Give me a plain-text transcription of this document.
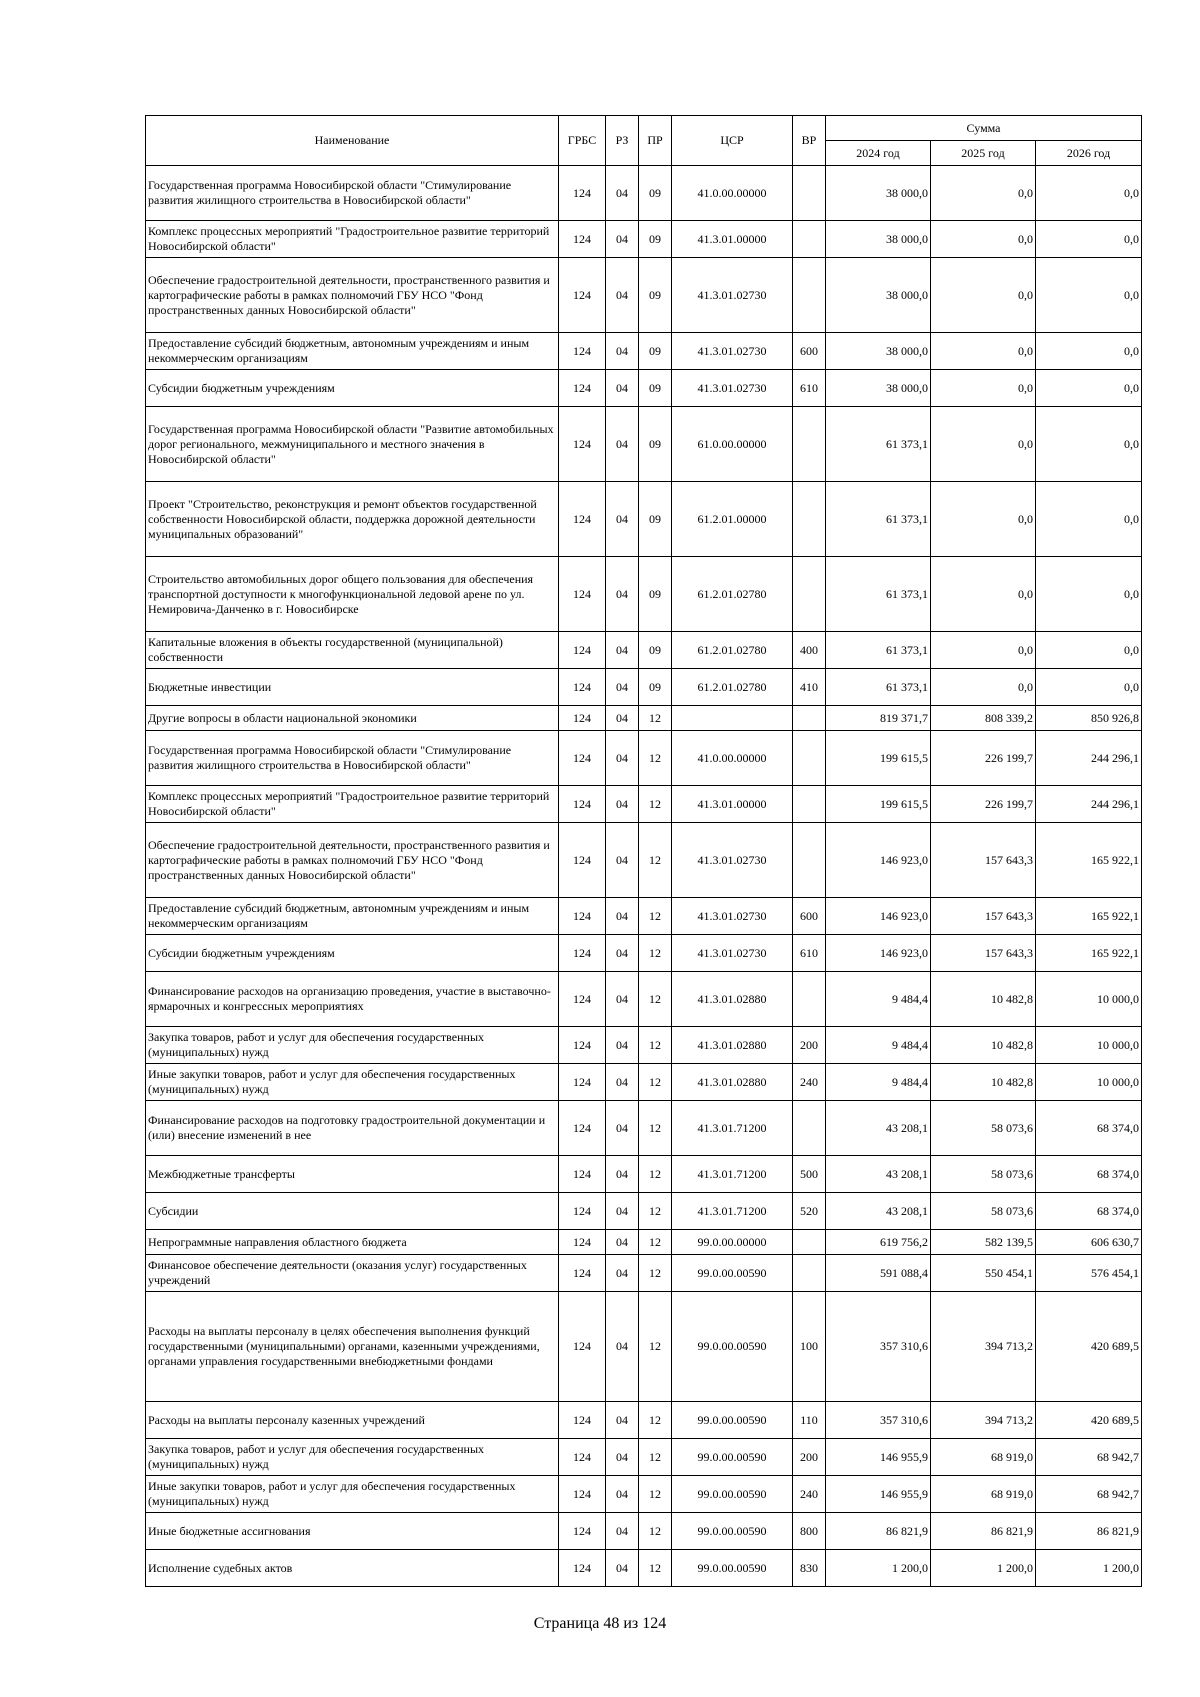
Наименование	ГРБС	РЗ	ПР	ЦСР	ВР	Сумма		
						2024 год	2025 год	2026 год
Государственная программа Новосибирской области "Стимулирование развития жилищного строительства в Новосибирской области"	124	04	09	41.0.00.00000		38 000,0	0,0	0,0
Комплекс процессных мероприятий "Градостроительное развитие территорий Новосибирской области"	124	04	09	41.3.01.00000		38 000,0	0,0	0,0
Обеспечение градостроительной деятельности, пространственного развития и картографические работы в рамках полномочий ГБУ НСО "Фонд пространственных данных Новосибирской области"	124	04	09	41.3.01.02730		38 000,0	0,0	0,0
Предоставление субсидий бюджетным, автономным учреждениям и иным некоммерческим организациям	124	04	09	41.3.01.02730	600	38 000,0	0,0	0,0
Субсидии бюджетным учреждениям	124	04	09	41.3.01.02730	610	38 000,0	0,0	0,0
Государственная программа Новосибирской области "Развитие автомобильных дорог регионального, межмуниципального и местного значения в Новосибирской области"	124	04	09	61.0.00.00000		61 373,1	0,0	0,0
Проект "Строительство, реконструкция и ремонт объектов государственной собственности Новосибирской области, поддержка дорожной деятельности муниципальных образований"	124	04	09	61.2.01.00000		61 373,1	0,0	0,0
Строительство автомобильных дорог общего пользования для обеспечения транспортной доступности к многофункциональной ледовой арене по ул. Немировича-Данченко в г. Новосибирске	124	04	09	61.2.01.02780		61 373,1	0,0	0,0
Капитальные вложения в объекты государственной (муниципальной) собственности	124	04	09	61.2.01.02780	400	61 373,1	0,0	0,0
Бюджетные инвестиции	124	04	09	61.2.01.02780	410	61 373,1	0,0	0,0
Другие вопросы в области национальной экономики	124	04	12			819 371,7	808 339,2	850 926,8
Государственная программа Новосибирской области "Стимулирование развития жилищного строительства в Новосибирской области"	124	04	12	41.0.00.00000		199 615,5	226 199,7	244 296,1
Комплекс процессных мероприятий "Градостроительное развитие территорий Новосибирской области"	124	04	12	41.3.01.00000		199 615,5	226 199,7	244 296,1
Обеспечение градостроительной деятельности, пространственного развития и картографические работы в рамках полномочий ГБУ НСО "Фонд пространственных данных Новосибирской области"	124	04	12	41.3.01.02730		146 923,0	157 643,3	165 922,1
Предоставление субсидий бюджетным, автономным учреждениям и иным некоммерческим организациям	124	04	12	41.3.01.02730	600	146 923,0	157 643,3	165 922,1
Субсидии бюджетным учреждениям	124	04	12	41.3.01.02730	610	146 923,0	157 643,3	165 922,1
Финансирование расходов на организацию проведения, участие в выставочно-ярмарочных и конгрессных мероприятиях	124	04	12	41.3.01.02880		9 484,4	10 482,8	10 000,0
Закупка товаров, работ и услуг для обеспечения государственных (муниципальных) нужд	124	04	12	41.3.01.02880	200	9 484,4	10 482,8	10 000,0
Иные закупки товаров, работ и услуг для обеспечения государственных (муниципальных) нужд	124	04	12	41.3.01.02880	240	9 484,4	10 482,8	10 000,0
Финансирование расходов на подготовку градостроительной документации и (или) внесение изменений в нее	124	04	12	41.3.01.71200		43 208,1	58 073,6	68 374,0
Межбюджетные трансферты	124	04	12	41.3.01.71200	500	43 208,1	58 073,6	68 374,0
Субсидии	124	04	12	41.3.01.71200	520	43 208,1	58 073,6	68 374,0
Непрограммные направления областного бюджета	124	04	12	99.0.00.00000		619 756,2	582 139,5	606 630,7
Финансовое обеспечение деятельности (оказания услуг) государственных учреждений	124	04	12	99.0.00.00590		591 088,4	550 454,1	576 454,1
Расходы на выплаты персоналу в целях обеспечения выполнения функций государственными (муниципальными) органами, казенными учреждениями, органами управления государственными внебюджетными фондами	124	04	12	99.0.00.00590	100	357 310,6	394 713,2	420 689,5
Расходы на выплаты персоналу казенных учреждений	124	04	12	99.0.00.00590	110	357 310,6	394 713,2	420 689,5
Закупка товаров, работ и услуг для обеспечения государственных (муниципальных) нужд	124	04	12	99.0.00.00590	200	146 955,9	68 919,0	68 942,7
Иные закупки товаров, работ и услуг для обеспечения государственных (муниципальных) нужд	124	04	12	99.0.00.00590	240	146 955,9	68 919,0	68 942,7
Иные бюджетные ассигнования	124	04	12	99.0.00.00590	800	86 821,9	86 821,9	86 821,9
Исполнение судебных актов	124	04	12	99.0.00.00590	830	1 200,0	1 200,0	1 200,0
Страница 48 из 124
